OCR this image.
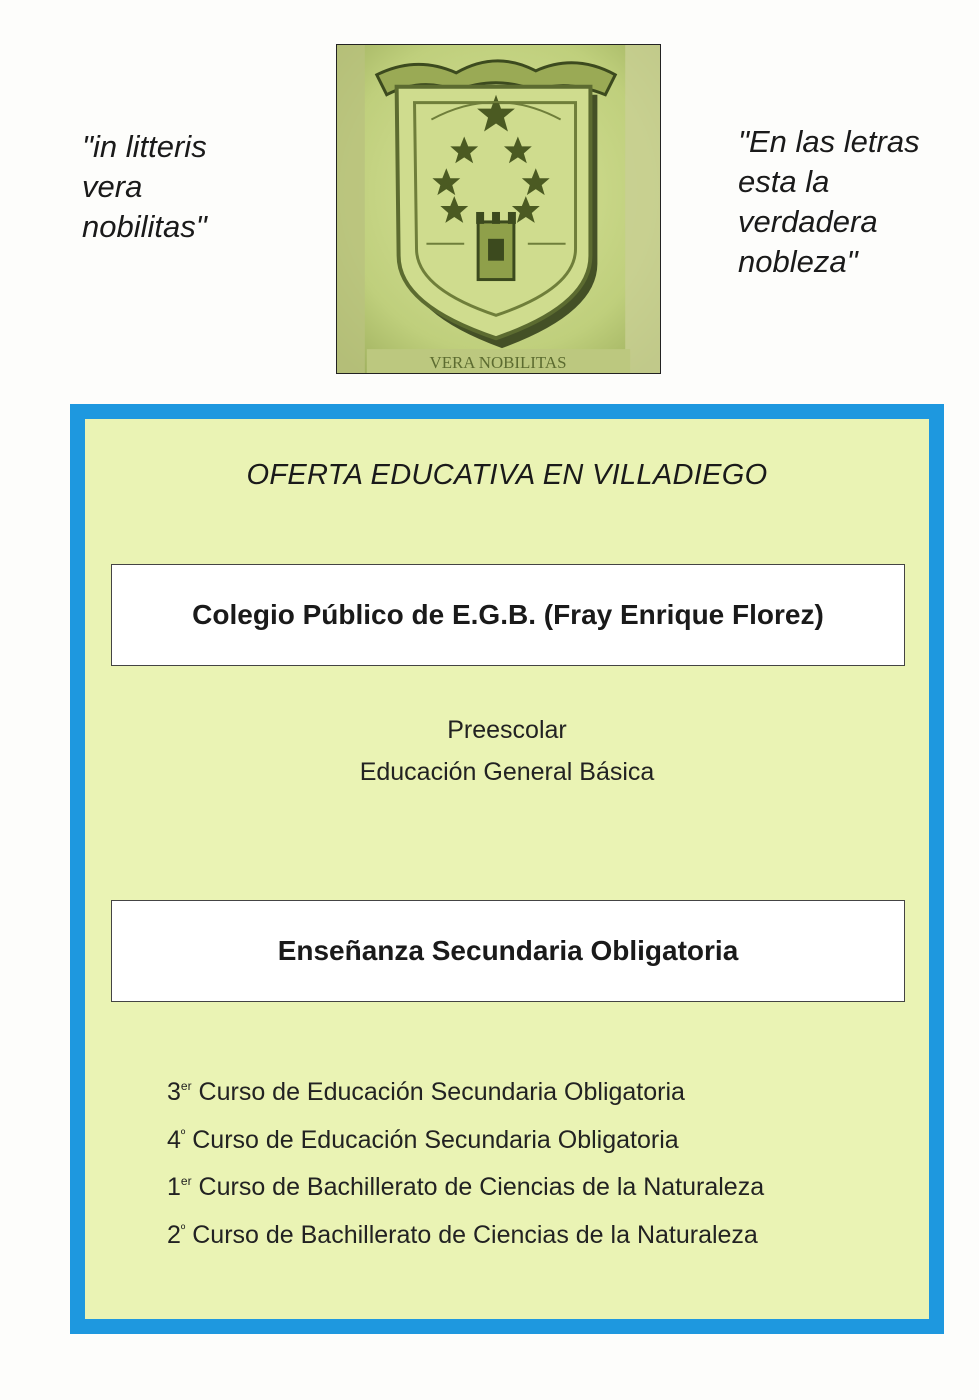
"in litteris
vera
nobilitas"
"En las letras
esta la
verdadera
nobleza"
VERA NOBILITAS
OFERTA EDUCATIVA EN VILLADIEGO
Colegio Público de E.G.B. (Fray Enrique Florez)
Preescolar
Educación General Básica
Enseñanza Secundaria Obligatoria
3er Curso de Educación Secundaria Obligatoria
$4^º$ Curso de Educación Secundaria Obligatoria
1er Curso de Bachillerato de Ciencias de la Naturaleza
$2^º$ Curso de Bachillerato de Ciencias de la Naturaleza
